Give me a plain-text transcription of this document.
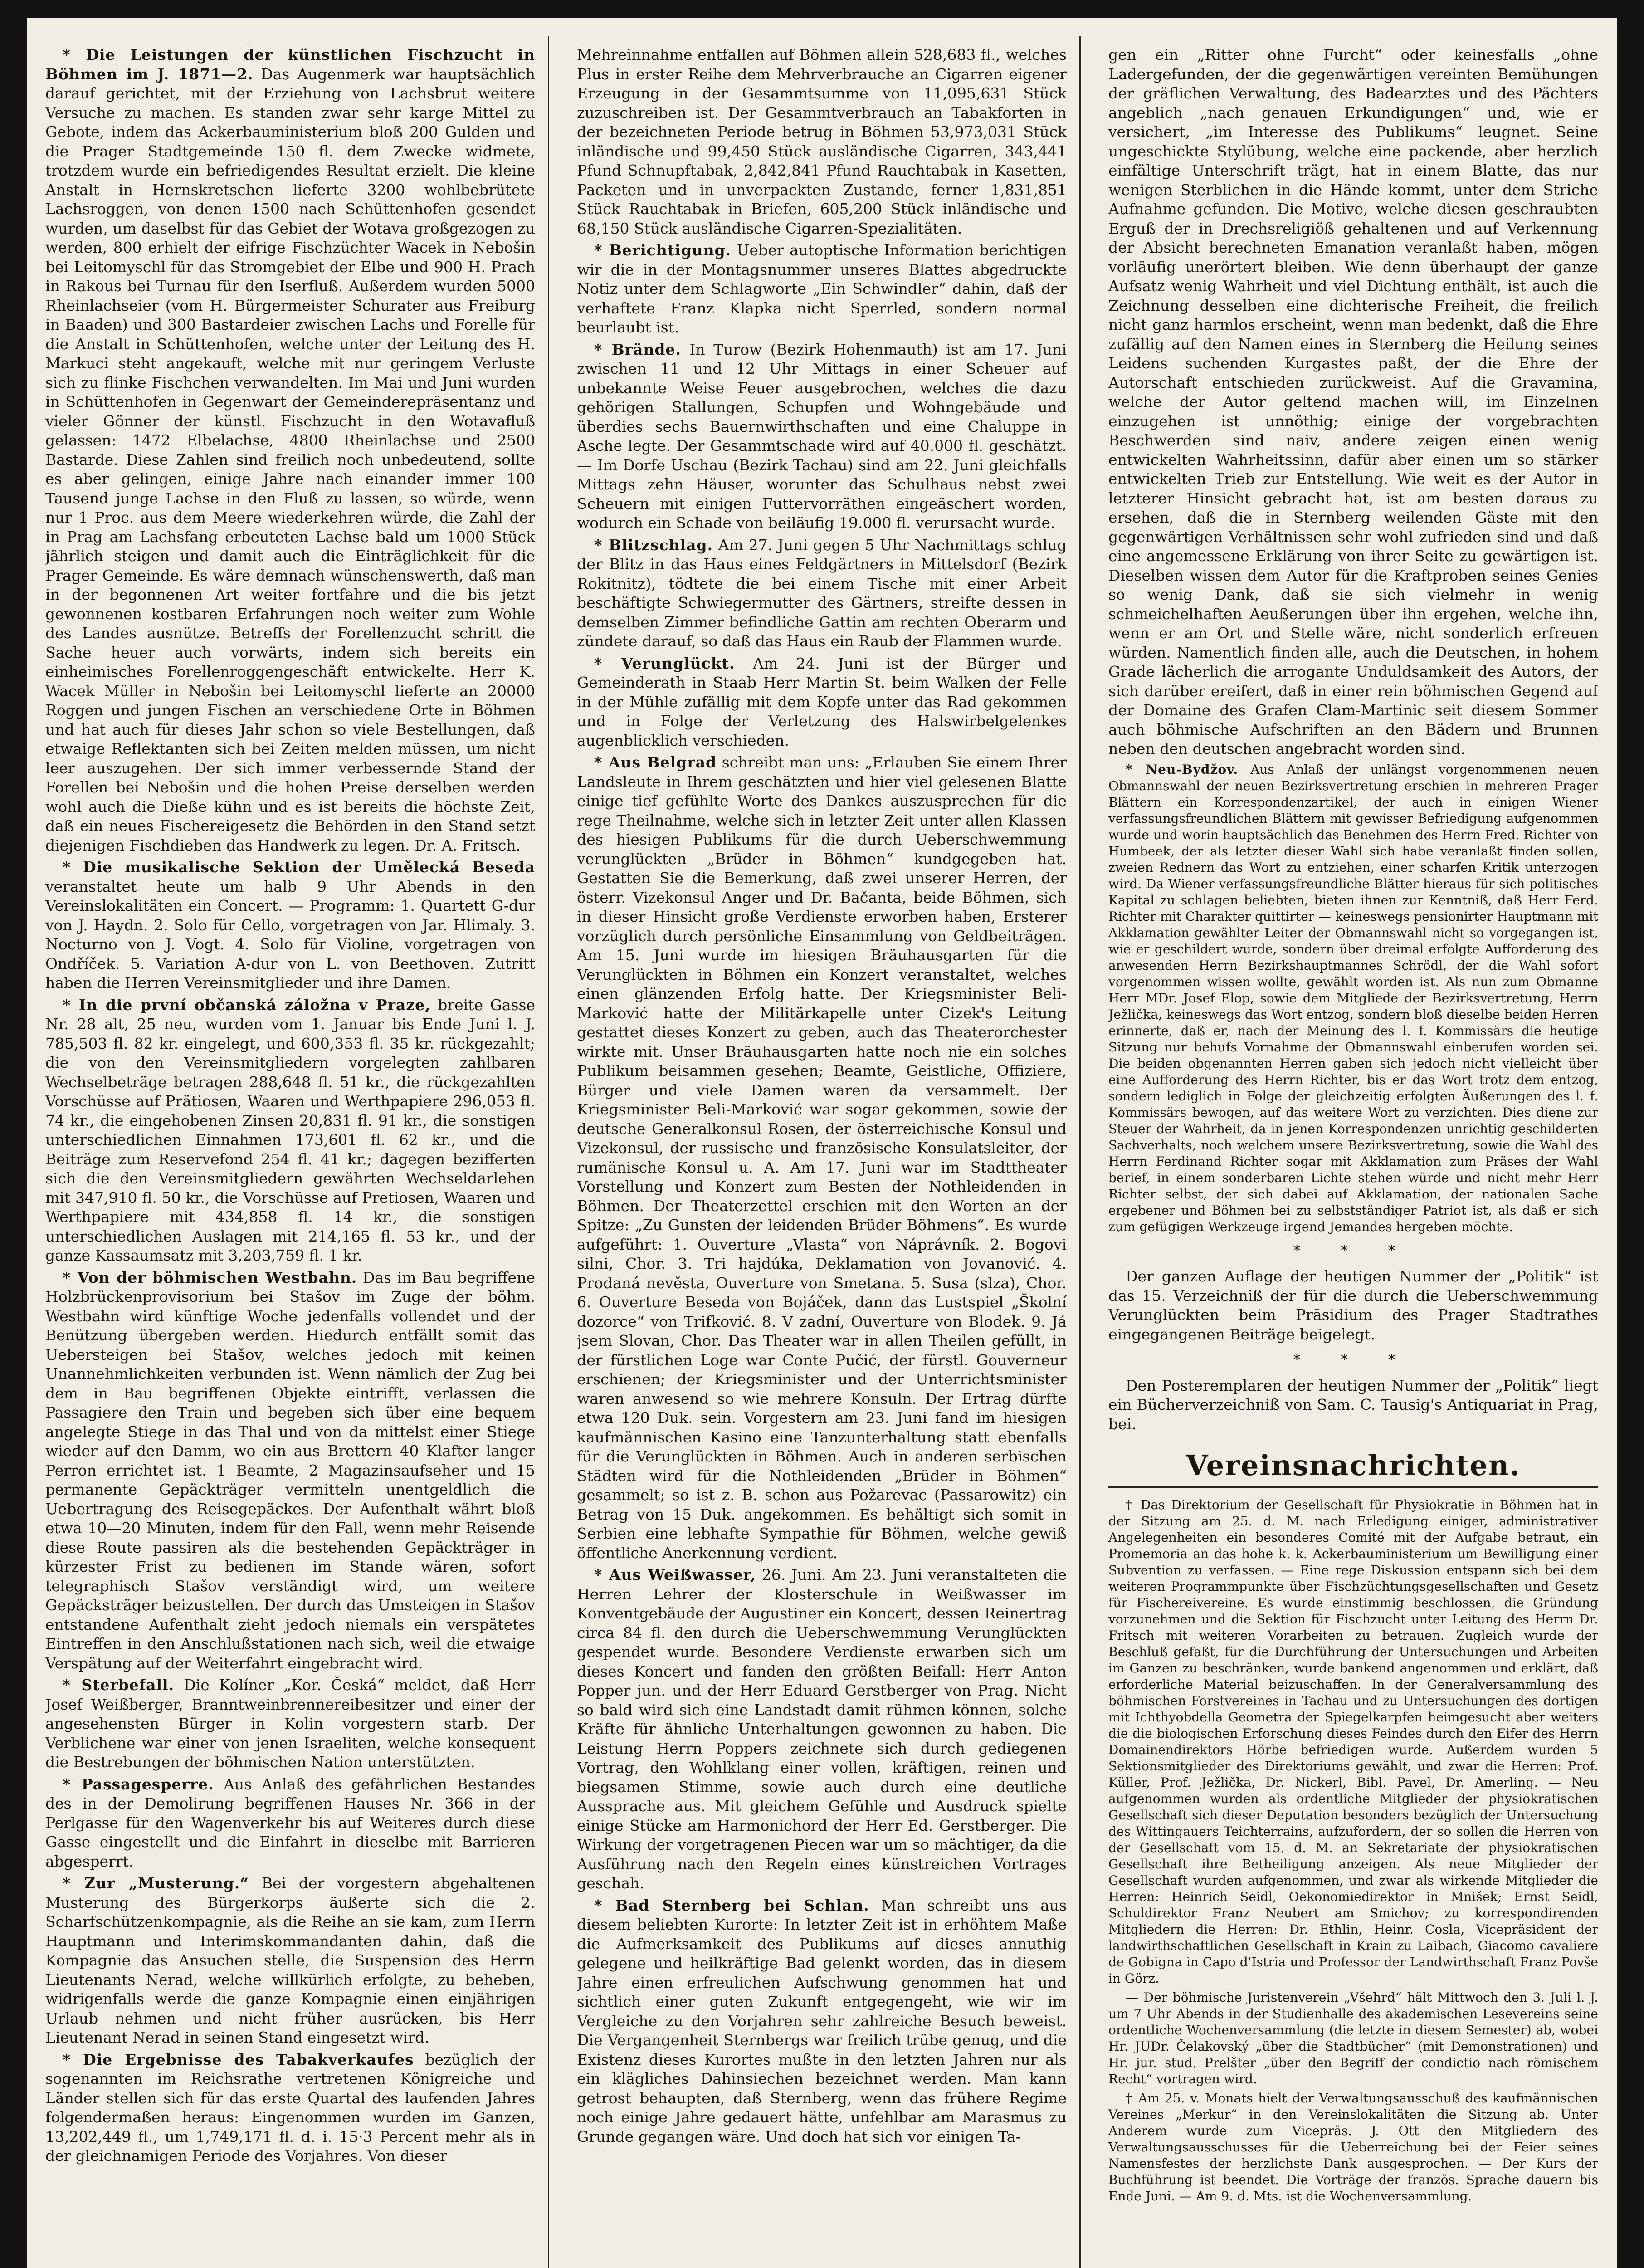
* Die Leistungen der künstlichen Fischzucht in Böhmen im J. 1871—2. Das Augenmerk war hauptsächlich darauf gerichtet, mit der Erziehung von Lachsbrut weitere Versuche zu machen. Es standen zwar sehr karge Mittel zu Gebote, indem das Ackerbauministerium bloß 200 Gulden und die Prager Stadtgemeinde 150 fl. dem Zwecke widmete, trotzdem wurde ein befriedigendes Resultat erzielt. Die kleine Anstalt in Hernskretschen lieferte 3200 wohlbebrütete Lachsroggen, von denen 1500 nach Schüttenhofen gesendet wurden, um daselbst für das Gebiet der Wotava großgezogen zu werden, 800 erhielt der eifrige Fischzüchter Wacek in Nebošin bei Leitomyschl für das Stromgebiet der Elbe und 900 H. Prach in Rakous bei Turnau für den Iserfluß. Außerdem wurden 5000 Rheinlachseier (vom H. Bürgermeister Schurater aus Freiburg in Baaden) und 300 Bastardeier zwischen Lachs und Forelle für die Anstalt in Schüttenhofen, welche unter der Leitung des H. Markuci steht angekauft, welche mit nur geringem Verluste sich zu flinke Fischchen verwandelten. Im Mai und Juni wurden in Schüttenhofen in Gegenwart der Gemeinderepräsentanz und vieler Gönner der künstl. Fischzucht in den Wotavafluß gelassen: 1472 Elbelachse, 4800 Rheinlachse und 2500 Bastarde. Diese Zahlen sind freilich noch unbedeutend, sollte es aber gelingen, einige Jahre nach einander immer 100 Tausend junge Lachse in den Fluß zu lassen, so würde, wenn nur 1 Proc. aus dem Meere wiederkehren würde, die Zahl der in Prag am Lachsfang erbeuteten Lachse bald um 1000 Stück jährlich steigen und damit auch die Einträglichkeit für die Prager Gemeinde. Es wäre demnach wünschenswerth, daß man in der begonnenen Art weiter fortfahre und die bis jetzt gewonnenen kostbaren Erfahrungen noch weiter zum Wohle des Landes ausnütze. Betreffs der Forellenzucht schritt die Sache heuer auch vorwärts, indem sich bereits ein einheimisches Forellenroggengeschäft entwickelte. Herr K. Wacek Müller in Nebošin bei Leitomyschl lieferte an 20000 Roggen und jungen Fischen an verschiedene Orte in Böhmen und hat auch für dieses Jahr schon so viele Bestellungen, daß etwaige Reflektanten sich bei Zeiten melden müssen, um nicht leer auszugehen. Der sich immer verbessernde Stand der Forellen bei Nebošin und die hohen Preise derselben werden wohl auch die Dieße kühn und es ist bereits die höchste Zeit, daß ein neues Fischereigesetz die Behörden in den Stand setzt diejenigen Fischdieben das Handwerk zu legen. Dr. A. Fritsch.

* Die musikalische Sektion der Umělecká Beseda veranstaltet heute um halb 9 Uhr Abends in den Vereinslokalitäten ein Concert. — Programm: 1. Quartett G-dur von J. Haydn. 2. Solo für Cello, vorgetragen von Jar. Hlimaly. 3. Nocturno von J. Vogt. 4. Solo für Violine, vorgetragen von Ondříček. 5. Variation A-dur von L. von Beethoven. Zutritt haben die Herren Vereinsmitglieder und ihre Damen.

* In die první občanská záložna v Praze, breite Gasse Nr. 28 alt, 25 neu, wurden vom 1. Januar bis Ende Juni l. J. 785,503 fl. 82 kr. eingelegt, und 600,353 fl. 35 kr. rückgezahlt; die von den Vereinsmitgliedern vorgelegten zahlbaren Wechselbeträge betragen 288,648 fl. 51 kr., die rückgezahlten Vorschüsse auf Prätiosen, Waaren und Werthpapiere 296,053 fl. 74 kr., die eingehobenen Zinsen 20,831 fl. 91 kr., die sonstigen unterschiedlichen Einnahmen 173,601 fl. 62 kr., und die Beiträge zum Reservefond 254 fl. 41 kr.; dagegen bezifferten sich die den Vereinsmitgliedern gewährten Wechseldarlehen mit 347,910 fl. 50 kr., die Vorschüsse auf Pretiosen, Waaren und Werthpapiere mit 434,858 fl. 14 kr., die sonstigen unterschiedlichen Auslagen mit 214,165 fl. 53 kr., und der ganze Kassaumsatz mit 3,203,759 fl. 1 kr.

* Von der böhmischen Westbahn. Das im Bau begriffene Holzbrückenprovisorium bei Stašov im Zuge der böhm. Westbahn wird künftige Woche jedenfalls vollendet und der Benützung übergeben werden. Hiedurch entfällt somit das Uebersteigen bei Stašov, welches jedoch mit keinen Unannehmlichkeiten verbunden ist. Wenn nämlich der Zug bei dem in Bau begriffenen Objekte eintrifft, verlassen die Passagiere den Train und begeben sich über eine bequem angelegte Stiege in das Thal und von da mittelst einer Stiege wieder auf den Damm, wo ein aus Brettern 40 Klafter langer Perron errichtet ist. 1 Beamte, 2 Magazinsaufseher und 15 permanente Gepäckträger vermitteln unentgeldlich die Uebertragung des Reisegepäckes. Der Aufenthalt währt bloß etwa 10—20 Minuten, indem für den Fall, wenn mehr Reisende diese Route passiren als die bestehenden Gepäckträger in kürzester Frist zu bedienen im Stande wären, sofort telegraphisch Stašov verständigt wird, um weitere Gepäcksträger beizustellen. Der durch das Umsteigen in Stašov entstandene Aufenthalt zieht jedoch niemals ein verspätetes Eintreffen in den Anschlußstationen nach sich, weil die etwaige Verspätung auf der Weiterfahrt eingebracht wird.

* Sterbefall. Die Kolíner „Kor. Česká“ meldet, daß Herr Josef Weißberger, Branntweinbrennereibesitzer und einer der angesehensten Bürger in Kolin vorgestern starb. Der Verblichene war einer von jenen Israeliten, welche konsequent die Bestrebungen der böhmischen Nation unterstützten.

* Passagesperre. Aus Anlaß des gefährlichen Bestandes des in der Demolirung begriffenen Hauses Nr. 366 in der Perlgasse für den Wagenverkehr bis auf Weiteres durch diese Gasse eingestellt und die Einfahrt in dieselbe mit Barrieren abgesperrt.

* Zur „Musterung.“ Bei der vorgestern abgehaltenen Musterung des Bürgerkorps äußerte sich die 2. Scharfschützenkompagnie, als die Reihe an sie kam, zum Herrn Hauptmann und Interimskommandanten dahin, daß die Kompagnie das Ansuchen stelle, die Suspension des Herrn Lieutenants Nerad, welche willkürlich erfolgte, zu beheben, widrigenfalls werde die ganze Kompagnie einen einjährigen Urlaub nehmen und nicht früher ausrücken, bis Herr Lieutenant Nerad in seinen Stand eingesetzt wird.

* Die Ergebnisse des Tabakverkaufes bezüglich der sogenannten im Reichsrathe vertretenen Königreiche und Länder stellen sich für das erste Quartal des laufenden Jahres folgendermaßen heraus: Eingenommen wurden im Ganzen, 13,202,449 fl., um 1,749,171 fl. d. i. 15·3 Percent mehr als in der gleichnamigen Periode des Vorjahres. Von dieser

Mehreinnahme entfallen auf Böhmen allein 528,683 fl., welches Plus in erster Reihe dem Mehrverbrauche an Cigarren eigener Erzeugung in der Gesammtsumme von 11,095,631 Stück zuzuschreiben ist. Der Gesammtverbrauch an Tabakforten in der bezeichneten Periode betrug in Böhmen 53,973,031 Stück inländische und 99,450 Stück ausländische Cigarren, 343,441 Pfund Schnupftabak, 2,842,841 Pfund Rauchtabak in Kasetten, Packeten und in unverpackten Zustande, ferner 1,831,851 Stück Rauchtabak in Briefen, 605,200 Stück inländische und 68,150 Stück ausländische Cigarren-Spezialitäten.

* Berichtigung. Ueber autoptische Information berichtigen wir die in der Montagsnummer unseres Blattes abgedruckte Notiz unter dem Schlagworte „Ein Schwindler“ dahin, daß der verhaftete Franz Klapka nicht Sperrled, sondern normal beurlaubt ist.

* Brände. In Turow (Bezirk Hohenmauth) ist am 17. Juni zwischen 11 und 12 Uhr Mittags in einer Scheuer auf unbekannte Weise Feuer ausgebrochen, welches die dazu gehörigen Stallungen, Schupfen und Wohngebäude und überdies sechs Bauernwirthschaften und eine Chaluppe in Asche legte. Der Gesammtschade wird auf 40.000 fl. geschätzt. — Im Dorfe Uschau (Bezirk Tachau) sind am 22. Juni gleichfalls Mittags zehn Häuser, worunter das Schulhaus nebst zwei Scheuern mit einigen Futtervorräthen eingeäschert worden, wodurch ein Schade von beiläufig 19.000 fl. verursacht wurde.

* Blitzschlag. Am 27. Juni gegen 5 Uhr Nachmittags schlug der Blitz in das Haus eines Feldgärtners in Mittelsdorf (Bezirk Rokitnitz), tödtete die bei einem Tische mit einer Arbeit beschäftigte Schwiegermutter des Gärtners, streifte dessen in demselben Zimmer befindliche Gattin am rechten Oberarm und zündete darauf, so daß das Haus ein Raub der Flammen wurde.

* Verunglückt. Am 24. Juni ist der Bürger und Gemeinderath in Staab Herr Martin St. beim Walken der Felle in der Mühle zufällig mit dem Kopfe unter das Rad gekommen und in Folge der Verletzung des Halswirbelgelenkes augenblicklich verschieden.

* Aus Belgrad schreibt man uns: „Erlauben Sie einem Ihrer Landsleute in Ihrem geschätzten und hier viel gelesenen Blatte einige tief gefühlte Worte des Dankes auszusprechen für die rege Theilnahme, welche sich in letzter Zeit unter allen Klassen des hiesigen Publikums für die durch Ueberschwemmung verunglückten „Brüder in Böhmen“ kundgegeben hat. Gestatten Sie die Bemerkung, daß zwei unserer Herren, der österr. Vizekonsul Anger und Dr. Bačanta, beide Böhmen, sich in dieser Hinsicht große Verdienste erworben haben, Ersterer vorzüglich durch persönliche Einsammlung von Geldbeiträgen. Am 15. Juni wurde im hiesigen Bräuhausgarten für die Verunglückten in Böhmen ein Konzert veranstaltet, welches einen glänzenden Erfolg hatte. Der Kriegsminister Beli-Marković hatte der Militärkapelle unter Cizek's Leitung gestattet dieses Konzert zu geben, auch das Theaterorchester wirkte mit. Unser Bräuhausgarten hatte noch nie ein solches Publikum beisammen gesehen; Beamte, Geistliche, Offiziere, Bürger und viele Damen waren da versammelt. Der Kriegsminister Beli-Marković war sogar gekommen, sowie der deutsche Generalkonsul Rosen, der österreichische Konsul und Vizekonsul, der russische und französische Konsulatsleiter, der rumänische Konsul u. A. Am 17. Juni war im Stadttheater Vorstellung und Konzert zum Besten der Nothleidenden in Böhmen. Der Theaterzettel erschien mit den Worten an der Spitze: „Zu Gunsten der leidenden Brüder Böhmens“. Es wurde aufgeführt: 1. Ouverture „Vlasta“ von Náprávník. 2. Bogovi silni, Chor. 3. Tri hajdúka, Deklamation von Jovanović. 4. Prodaná nevěsta, Ouverture von Smetana. 5. Susa (slza), Chor. 6. Ouverture Beseda von Bojáček, dann das Lustspiel „Školní dozorce“ von Trifković. 8. V zadní, Ouverture von Blodek. 9. Já jsem Slovan, Chor. Das Theater war in allen Theilen gefüllt, in der fürstlichen Loge war Conte Pučić, der fürstl. Gouverneur erschienen; der Kriegsminister und der Unterrichtsminister waren anwesend so wie mehrere Konsuln. Der Ertrag dürfte etwa 120 Duk. sein. Vorgestern am 23. Juni fand im hiesigen kaufmännischen Kasino eine Tanzunterhaltung statt ebenfalls für die Verunglückten in Böhmen. Auch in anderen serbischen Städten wird für die Nothleidenden „Brüder in Böhmen“ gesammelt; so ist z. B. schon aus Požarevac (Passarowitz) ein Betrag von 15 Duk. angekommen. Es behältigt sich somit in Serbien eine lebhafte Sympathie für Böhmen, welche gewiß öffentliche Anerkennung verdient.

* Aus Weißwasser, 26. Juni. Am 23. Juni veranstalteten die Herren Lehrer der Klosterschule in Weißwasser im Konventgebäude der Augustiner ein Koncert, dessen Reinertrag circa 84 fl. den durch die Ueberschwemmung Verunglückten gespendet wurde. Besondere Verdienste erwarben sich um dieses Koncert und fanden den größten Beifall: Herr Anton Popper jun. und der Herr Eduard Gerstberger von Prag. Nicht so bald wird sich eine Landstadt damit rühmen können, solche Kräfte für ähnliche Unterhaltungen gewonnen zu haben. Die Leistung Herrn Poppers zeichnete sich durch gediegenen Vortrag, den Wohlklang einer vollen, kräftigen, reinen und biegsamen Stimme, sowie auch durch eine deutliche Aussprache aus. Mit gleichem Gefühle und Ausdruck spielte einige Stücke am Harmonichord der Herr Ed. Gerstberger. Die Wirkung der vorgetragenen Piecen war um so mächtiger, da die Ausführung nach den Regeln eines künstreichen Vortrages geschah.

* Bad Sternberg bei Schlan. Man schreibt uns aus diesem beliebten Kurorte: In letzter Zeit ist in erhöhtem Maße die Aufmerksamkeit des Publikums auf dieses annuthig gelegene und heilkräftige Bad gelenkt worden, das in diesem Jahre einen erfreulichen Aufschwung genommen hat und sichtlich einer guten Zukunft entgegengeht, wie wir im Vergleiche zu den Vorjahren sehr zahlreiche Besuch beweist. Die Vergangenheit Sternbergs war freilich trübe genug, und die Existenz dieses Kurortes mußte in den letzten Jahren nur als ein klägliches Dahinsiechen bezeichnet werden. Man kann getrost behaupten, daß Sternberg, wenn das frühere Regime noch einige Jahre gedauert hätte, unfehlbar am Marasmus zu Grunde gegangen wäre. Und doch hat sich vor einigen Ta-

gen ein „Ritter ohne Furcht“ oder keinesfalls „ohne Ladergefunden, der die gegenwärtigen vereinten Bemühungen der gräflichen Verwaltung, des Badearztes und des Pächters angeblich „nach genauen Erkundigungen“ und, wie er versichert, „im Interesse des Publikums“ leugnet. Seine ungeschickte Stylübung, welche eine packende, aber herzlich einfältige Unterschrift trägt, hat in einem Blatte, das nur wenigen Sterblichen in die Hände kommt, unter dem Striche Aufnahme gefunden. Die Motive, welche diesen geschraubten Erguß der in Drechsreligiöß gehaltenen und auf Verkennung der Absicht berechneten Emanation veranlaßt haben, mögen vorläufig unerörtert bleiben. Wie denn überhaupt der ganze Aufsatz wenig Wahrheit und viel Dichtung enthält, ist auch die Zeichnung desselben eine dichterische Freiheit, die freilich nicht ganz harmlos erscheint, wenn man bedenkt, daß die Ehre zufällig auf den Namen eines in Sternberg die Heilung seines Leidens suchenden Kurgastes paßt, der die Ehre der Autorschaft entschieden zurückweist. Auf die Gravamina, welche der Autor geltend machen will, im Einzelnen einzugehen ist unnöthig; einige der vorgebrachten Beschwerden sind naiv, andere zeigen einen wenig entwickelten Wahrheitssinn, dafür aber einen um so stärker entwickelten Trieb zur Entstellung. Wie weit es der Autor in letzterer Hinsicht gebracht hat, ist am besten daraus zu ersehen, daß die in Sternberg weilenden Gäste mit den gegenwärtigen Verhältnissen sehr wohl zufrieden sind und daß eine angemessene Erklärung von ihrer Seite zu gewärtigen ist. Dieselben wissen dem Autor für die Kraftproben seines Genies so wenig Dank, daß sie sich vielmehr in wenig schmeichelhaften Aeußerungen über ihn ergehen, welche ihn, wenn er am Ort und Stelle wäre, nicht sonderlich erfreuen würden. Namentlich finden alle, auch die Deutschen, in hohem Grade lächerlich die arrogante Unduldsamkeit des Autors, der sich darüber ereifert, daß in einer rein böhmischen Gegend auf der Domaine des Grafen Clam-Martinic seit diesem Sommer auch böhmische Aufschriften an den Bädern und Brunnen neben den deutschen angebracht worden sind.

* Neu-Bydžov. Aus Anlaß der unlängst vorgenommenen neuen Obmannswahl der neuen Bezirksvertretung erschien in mehreren Prager Blättern ein Korrespondenzartikel, der auch in einigen Wiener verfassungsfreundlichen Blättern mit gewisser Befriedigung aufgenommen wurde und worin hauptsächlich das Benehmen des Herrn Fred. Richter von Humbeek, der als letzter dieser Wahl sich habe veranlaßt finden sollen, zweien Rednern das Wort zu entziehen, einer scharfen Kritik unterzogen wird. Da Wiener verfassungsfreundliche Blätter hieraus für sich politisches Kapital zu schlagen beliebten, bieten ihnen zur Kenntniß, daß Herr Ferd. Richter mit Charakter quittirter — keineswegs pensionirter Hauptmann mit Akklamation gewählter Leiter der Obmannswahl nicht so vorgegangen ist, wie er geschildert wurde, sondern über dreimal erfolgte Aufforderung des anwesenden Herrn Bezirkshauptmannes Schrödl, der die Wahl sofort vorgenommen wissen wollte, gewählt worden ist. Als nun zum Obmanne Herr MDr. Josef Elop, sowie dem Mitgliede der Bezirksvertretung, Herrn Ježlička, keineswegs das Wort entzog, sondern bloß dieselbe beiden Herren erinnerte, daß er, nach der Meinung des l. f. Kommissärs die heutige Sitzung nur behufs Vornahme der Obmannswahl einberufen worden sei. Die beiden obgenannten Herren gaben sich jedoch nicht vielleicht über eine Aufforderung des Herrn Richter, bis er das Wort trotz dem entzog, sondern lediglich in Folge der gleichzeitig erfolgten Äußerungen des l. f. Kommissärs bewogen, auf das weitere Wort zu verzichten. Dies diene zur Steuer der Wahrheit, da in jenen Korrespondenzen unrichtig geschilderten Sachverhalts, noch welchem unsere Bezirksvertretung, sowie die Wahl des Herrn Ferdinand Richter sogar mit Akklamation zum Präses der Wahl berief, in einem sonderbaren Lichte stehen würde und nicht mehr Herr Richter selbst, der sich dabei auf Akklamation, der nationalen Sache ergebener und Böhmen bei zu selbstständiger Patriot ist, als daß er sich zum gefügigen Werkzeuge irgend Jemandes hergeben möchte.

* * *

Der ganzen Auflage der heutigen Nummer der „Politik“ ist das 15. Verzeichniß der für die durch die Ueberschwemmung Verunglückten beim Präsidium des Prager Stadtrathes eingegangenen Beiträge beigelegt.

* * *

Den Posteremplaren der heutigen Nummer der „Politik“ liegt ein Bücherverzeichniß von Sam. C. Tausig's Antiquariat in Prag, bei.

Vereinsnachrichten.

† Das Direktorium der Gesellschaft für Physiokratie in Böhmen hat in der Sitzung am 25. d. M. nach Erledigung einiger, administrativer Angelegenheiten ein besonderes Comité mit der Aufgabe betraut, ein Promemoria an das hohe k. k. Ackerbauministerium um Bewilligung einer Subvention zu verfassen. — Eine rege Diskussion entspann sich bei dem weiteren Programmpunkte über Fischzüchtungsgesellschaften und Gesetz für Fischereivereine. Es wurde einstimmig beschlossen, die Gründung vorzunehmen und die Sektion für Fischzucht unter Leitung des Herrn Dr. Fritsch mit weiteren Vorarbeiten zu betrauen. Zugleich wurde der Beschluß gefaßt, für die Durchführung der Untersuchungen und Arbeiten im Ganzen zu beschränken, wurde bankend angenommen und erklärt, daß erforderliche Material beizuschaffen. In der Generalversammlung des böhmischen Forstvereines in Tachau und zu Untersuchungen des dortigen mit Ichthyobdella Geometra der Spiegelkarpfen heimgesucht aber weiters die die biologischen Erforschung dieses Feindes durch den Eifer des Herrn Domainendirektors Hörbe befriedigen wurde. Außerdem wurden 5 Sektionsmitglieder des Direktoriums gewählt, und zwar die Herren: Prof. Küller, Prof. Ježlička, Dr. Nickerl, Bibl. Pavel, Dr. Amerling. — Neu aufgenommen wurden als ordentliche Mitglieder der physiokratischen Gesellschaft sich dieser Deputation besonders bezüglich der Untersuchung des Wittingauers Teichterrains, aufzufordern, der so sollen die Herren von der Gesellschaft vom 15. d. M. an Sekretariate der physiokratischen Gesellschaft ihre Betheiligung anzeigen. Als neue Mitglieder der Gesellschaft wurden aufgenommen, und zwar als wirkende Mitglieder die Herren: Heinrich Seidl, Oekonomiedirektor in Mnišek; Ernst Seidl, Schuldirektor Franz Neubert am Smichov; zu korrespondirenden Mitgliedern die Herren: Dr. Ethlin, Heinr. Cosla, Vicepräsident der landwirthschaftlichen Gesellschaft in Krain zu Laibach, Giacomo cavaliere de Gobigna in Capo d'Istria und Professor der Landwirthschaft Franz Povše in Görz.

— Der böhmische Juristenverein „Všehrd“ hält Mittwoch den 3. Juli l. J. um 7 Uhr Abends in der Studienhalle des akademischen Lesevereins seine ordentliche Wochenversammlung (die letzte in diesem Semester) ab, wobei Hr. JUDr. Čelakovský „über die Stadtbücher“ (mit Demonstrationen) und Hr. jur. stud. Prelšter „über den Begriff der condictio nach römischem Recht“ vortragen wird.

† Am 25. v. Monats hielt der Verwaltungsausschuß des kaufmännischen Vereines „Merkur“ in den Vereinslokalitäten die Sitzung ab. Unter Anderem wurde zum Vicepräs. J. Ott den Mitgliedern des Verwaltungsausschusses für die Ueberreichung bei der Feier seines Namensfestes der herzlichste Dank ausgesprochen. — Der Kurs der Buchführung ist beendet. Die Vorträge der französ. Sprache dauern bis Ende Juni. — Am 9. d. Mts. ist die Wochenversammlung.
